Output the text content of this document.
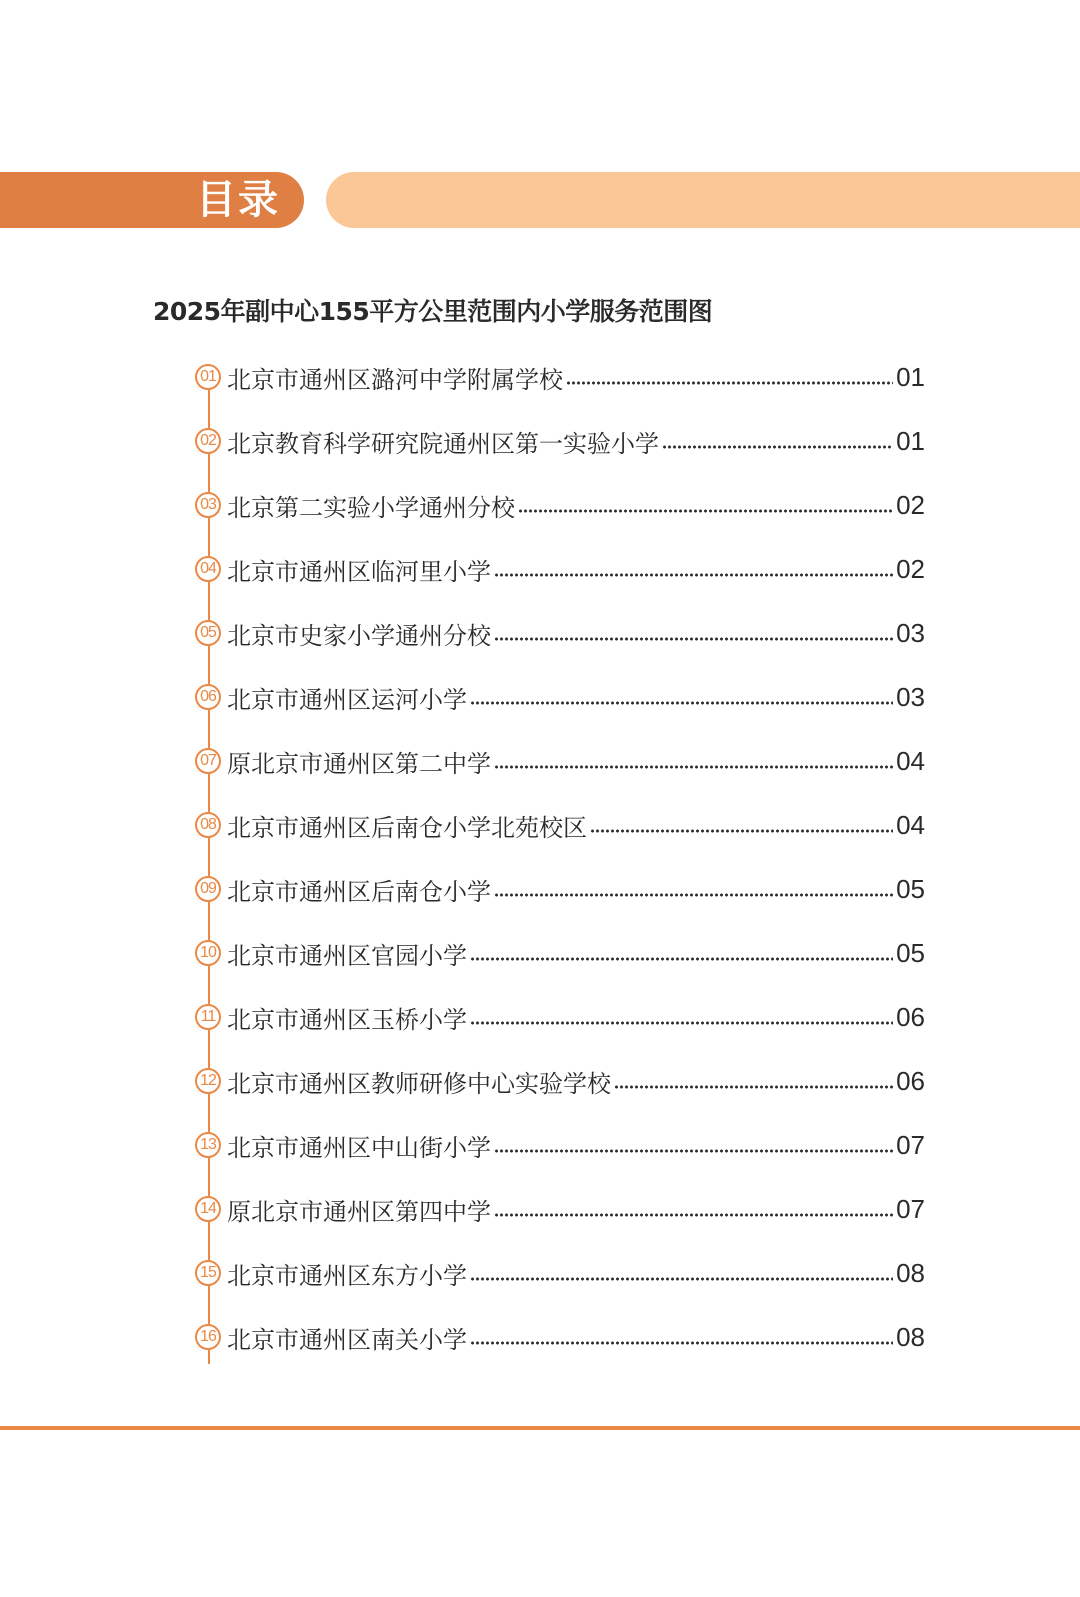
目录
2025年副中心155平方公里范围内小学服务范围图
01 北京市通州区潞河中学附属学校	01
02 北京教育科学研究院通州区第一实验小学	01
03 北京第二实验小学通州分校	02
04 北京市通州区临河里小学	02
05 北京市史家小学通州分校	03
06 北京市通州区运河小学	03
07 原北京市通州区第二中学	04
08 北京市通州区后南仓小学北苑校区	04
09 北京市通州区后南仓小学	05
10 北京市通州区官园小学	05
11 北京市通州区玉桥小学	06
12 北京市通州区教师研修中心实验学校	06
13 北京市通州区中山街小学	07
14 原北京市通州区第四中学	07
15 北京市通州区东方小学	08
16 北京市通州区南关小学	08
